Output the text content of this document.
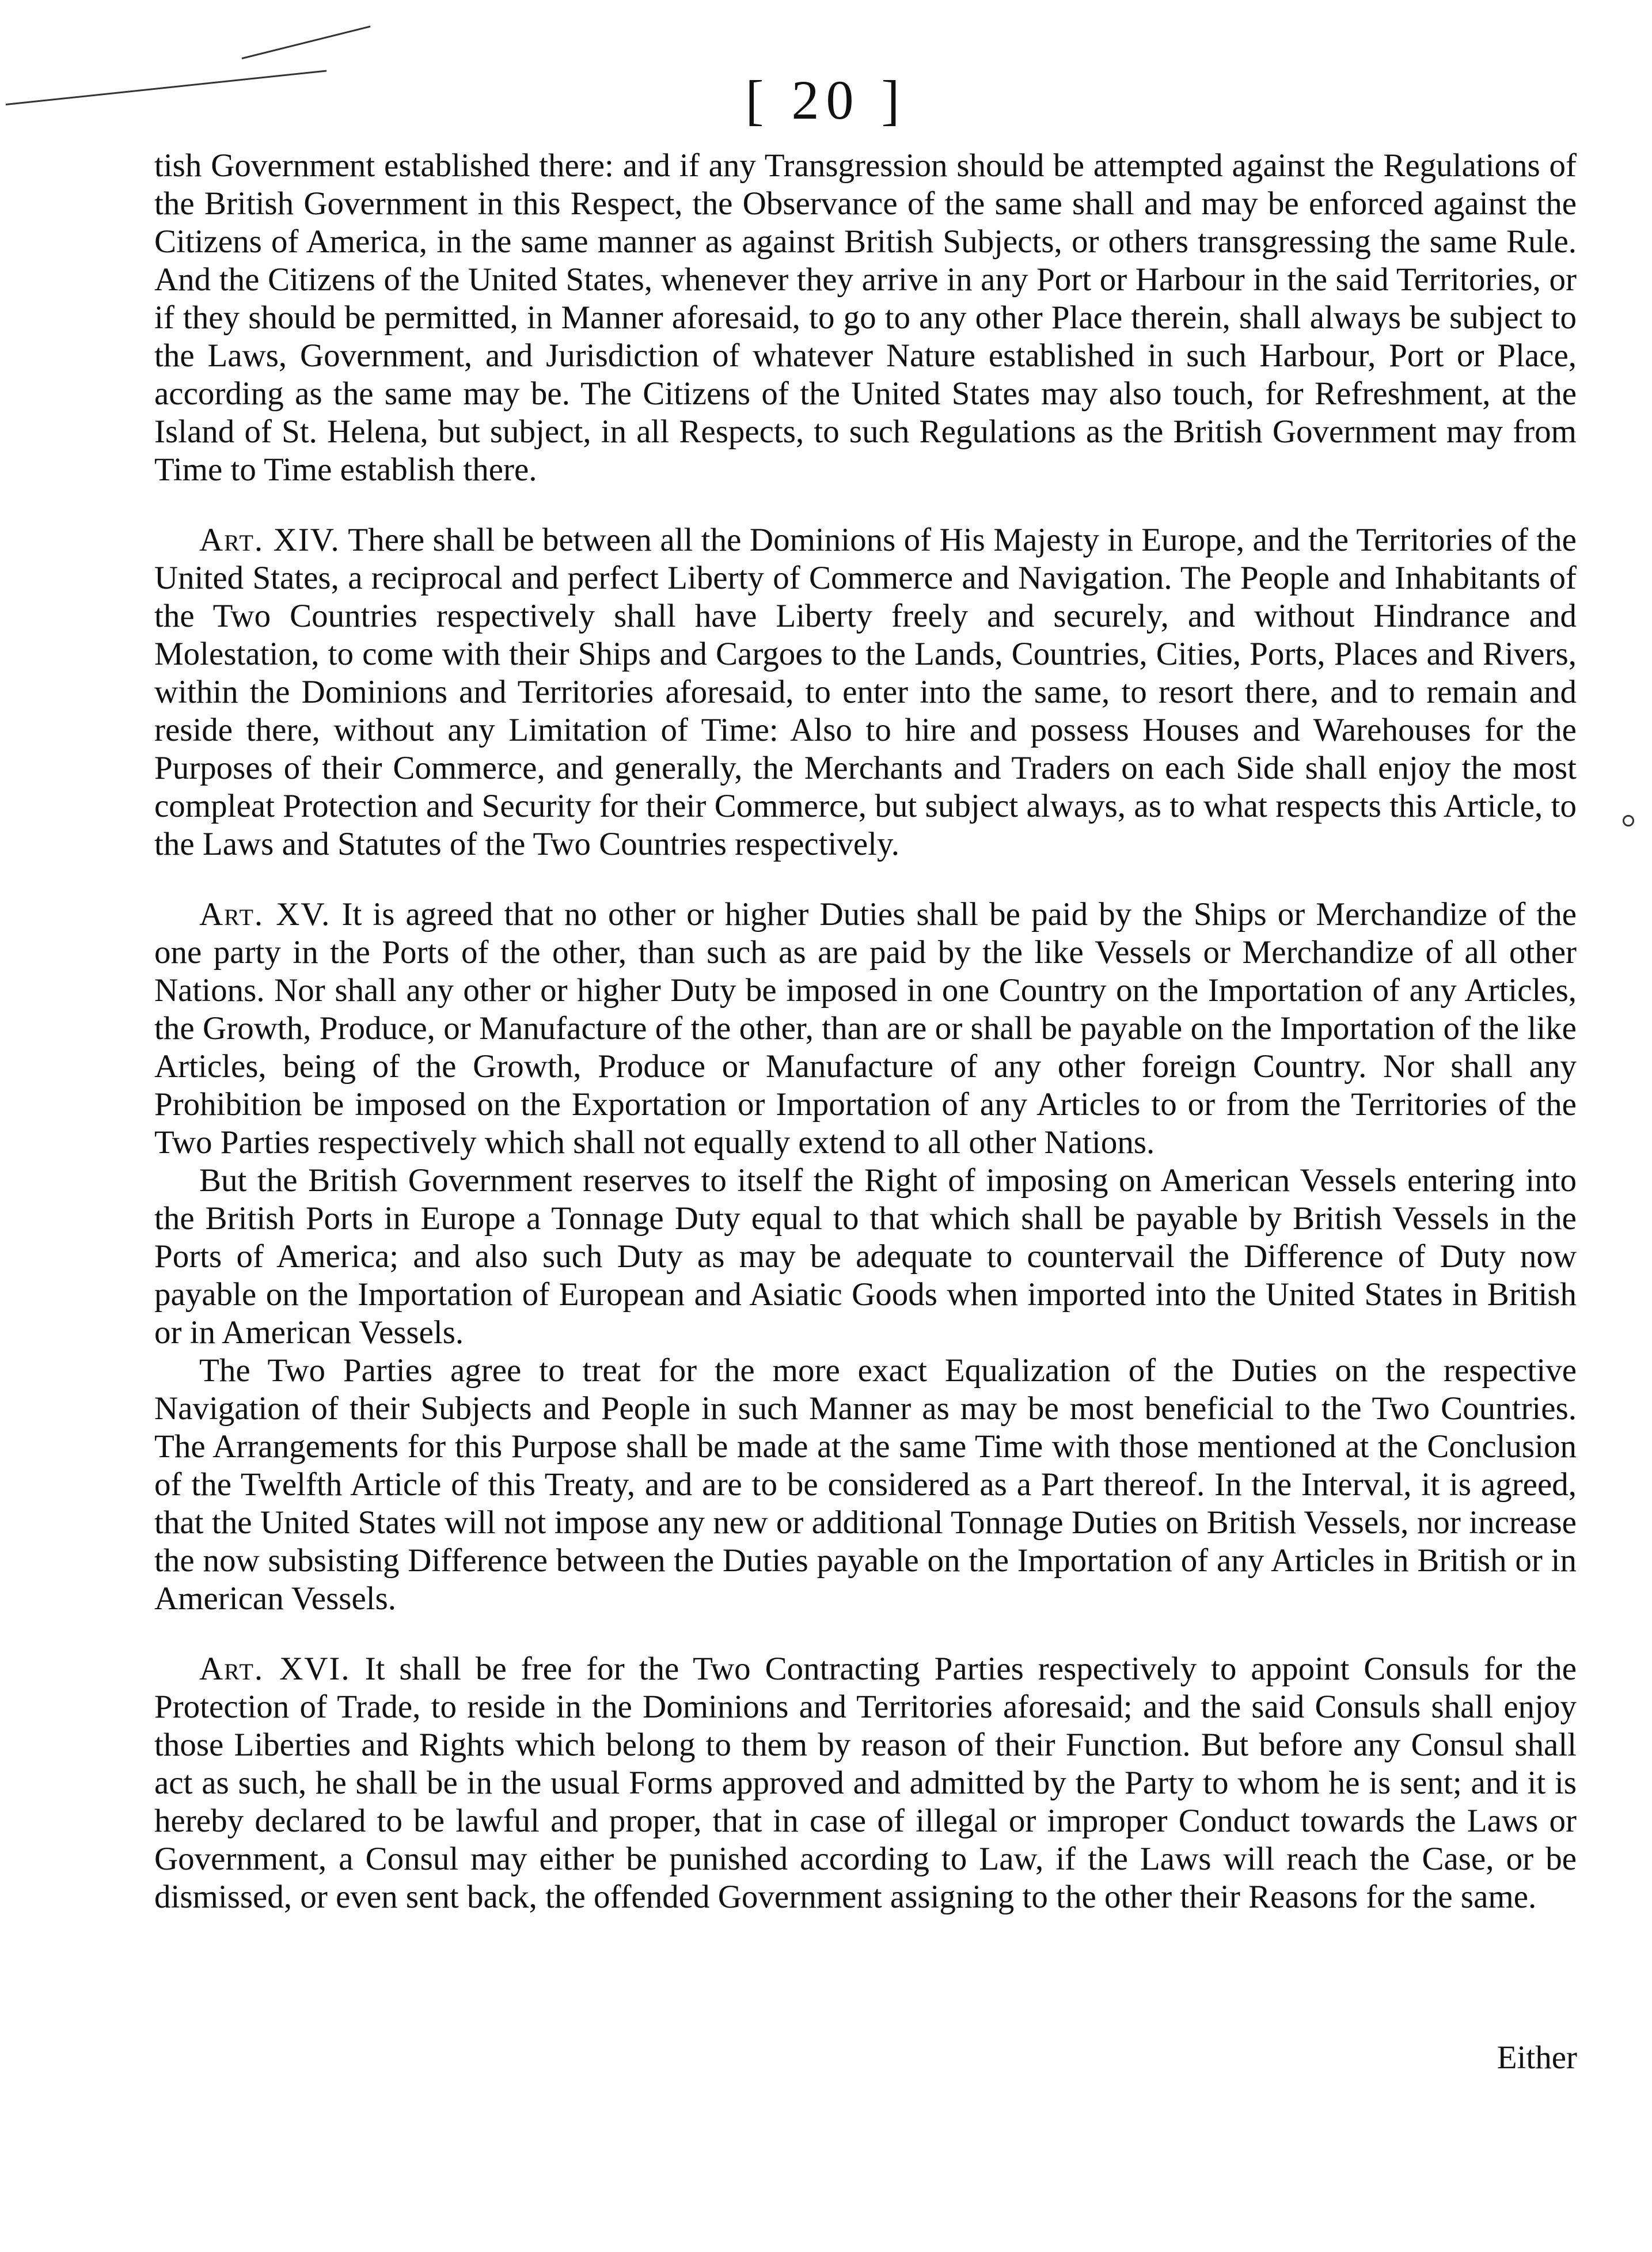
[ 20 ]

tish Government established there: and if any Transgression should be attempted against the Regulations of the British Government in this Respect, the Observance of the same shall and may be enforced against the Citizens of America, in the same manner as against British Subjects, or others transgressing the same Rule. And the Citizens of the United States, whenever they arrive in any Port or Harbour in the said Territories, or if they should be permitted, in Manner aforesaid, to go to any other Place therein, shall always be subject to the Laws, Government, and Jurisdiction of whatever Nature established in such Harbour, Port or Place, according as the same may be. The Citizens of the United States may also touch, for Refreshment, at the Island of St. Helena, but subject, in all Respects, to such Regulations as the British Government may from Time to Time establish there.

Art. XIV. There shall be between all the Dominions of His Majesty in Europe, and the Territories of the United States, a reciprocal and perfect Liberty of Commerce and Navigation. The People and Inhabitants of the Two Countries respectively shall have Liberty freely and securely, and without Hindrance and Molestation, to come with their Ships and Cargoes to the Lands, Countries, Cities, Ports, Places and Rivers, within the Dominions and Territories aforesaid, to enter into the same, to resort there, and to remain and reside there, without any Limitation of Time: Also to hire and possess Houses and Warehouses for the Purposes of their Commerce, and generally, the Merchants and Traders on each Side shall enjoy the most compleat Protection and Security for their Commerce, but subject always, as to what respects this Article, to the Laws and Statutes of the Two Countries respectively.

Art. XV. It is agreed that no other or higher Duties shall be paid by the Ships or Merchandize of the one party in the Ports of the other, than such as are paid by the like Vessels or Merchandize of all other Nations. Nor shall any other or higher Duty be imposed in one Country on the Importation of any Articles, the Growth, Produce, or Manufacture of the other, than are or shall be payable on the Importation of the like Articles, being of the Growth, Produce or Manufacture of any other foreign Country. Nor shall any Prohibition be imposed on the Exportation or Importation of any Articles to or from the Territories of the Two Parties respectively which shall not equally extend to all other Nations.

But the British Government reserves to itself the Right of imposing on American Vessels entering into the British Ports in Europe a Tonnage Duty equal to that which shall be payable by British Vessels in the Ports of America; and also such Duty as may be adequate to countervail the Difference of Duty now payable on the Importation of European and Asiatic Goods when imported into the United States in British or in American Vessels.

The Two Parties agree to treat for the more exact Equalization of the Duties on the respective Navigation of their Subjects and People in such Manner as may be most beneficial to the Two Countries. The Arrangements for this Purpose shall be made at the same Time with those mentioned at the Conclusion of the Twelfth Article of this Treaty, and are to be considered as a Part thereof. In the Interval, it is agreed, that the United States will not impose any new or additional Tonnage Duties on British Vessels, nor increase the now subsisting Difference between the Duties payable on the Importation of any Articles in British or in American Vessels.

Art. XVI. It shall be free for the Two Contracting Parties respectively to appoint Consuls for the Protection of Trade, to reside in the Dominions and Territories aforesaid; and the said Consuls shall enjoy those Liberties and Rights which belong to them by reason of their Function. But before any Consul shall act as such, he shall be in the usual Forms approved and admitted by the Party to whom he is sent; and it is hereby declared to be lawful and proper, that in case of illegal or improper Conduct towards the Laws or Government, a Consul may either be punished according to Law, if the Laws will reach the Case, or be dismissed, or even sent back, the offended Government assigning to the other their Reasons for the same.

Either
